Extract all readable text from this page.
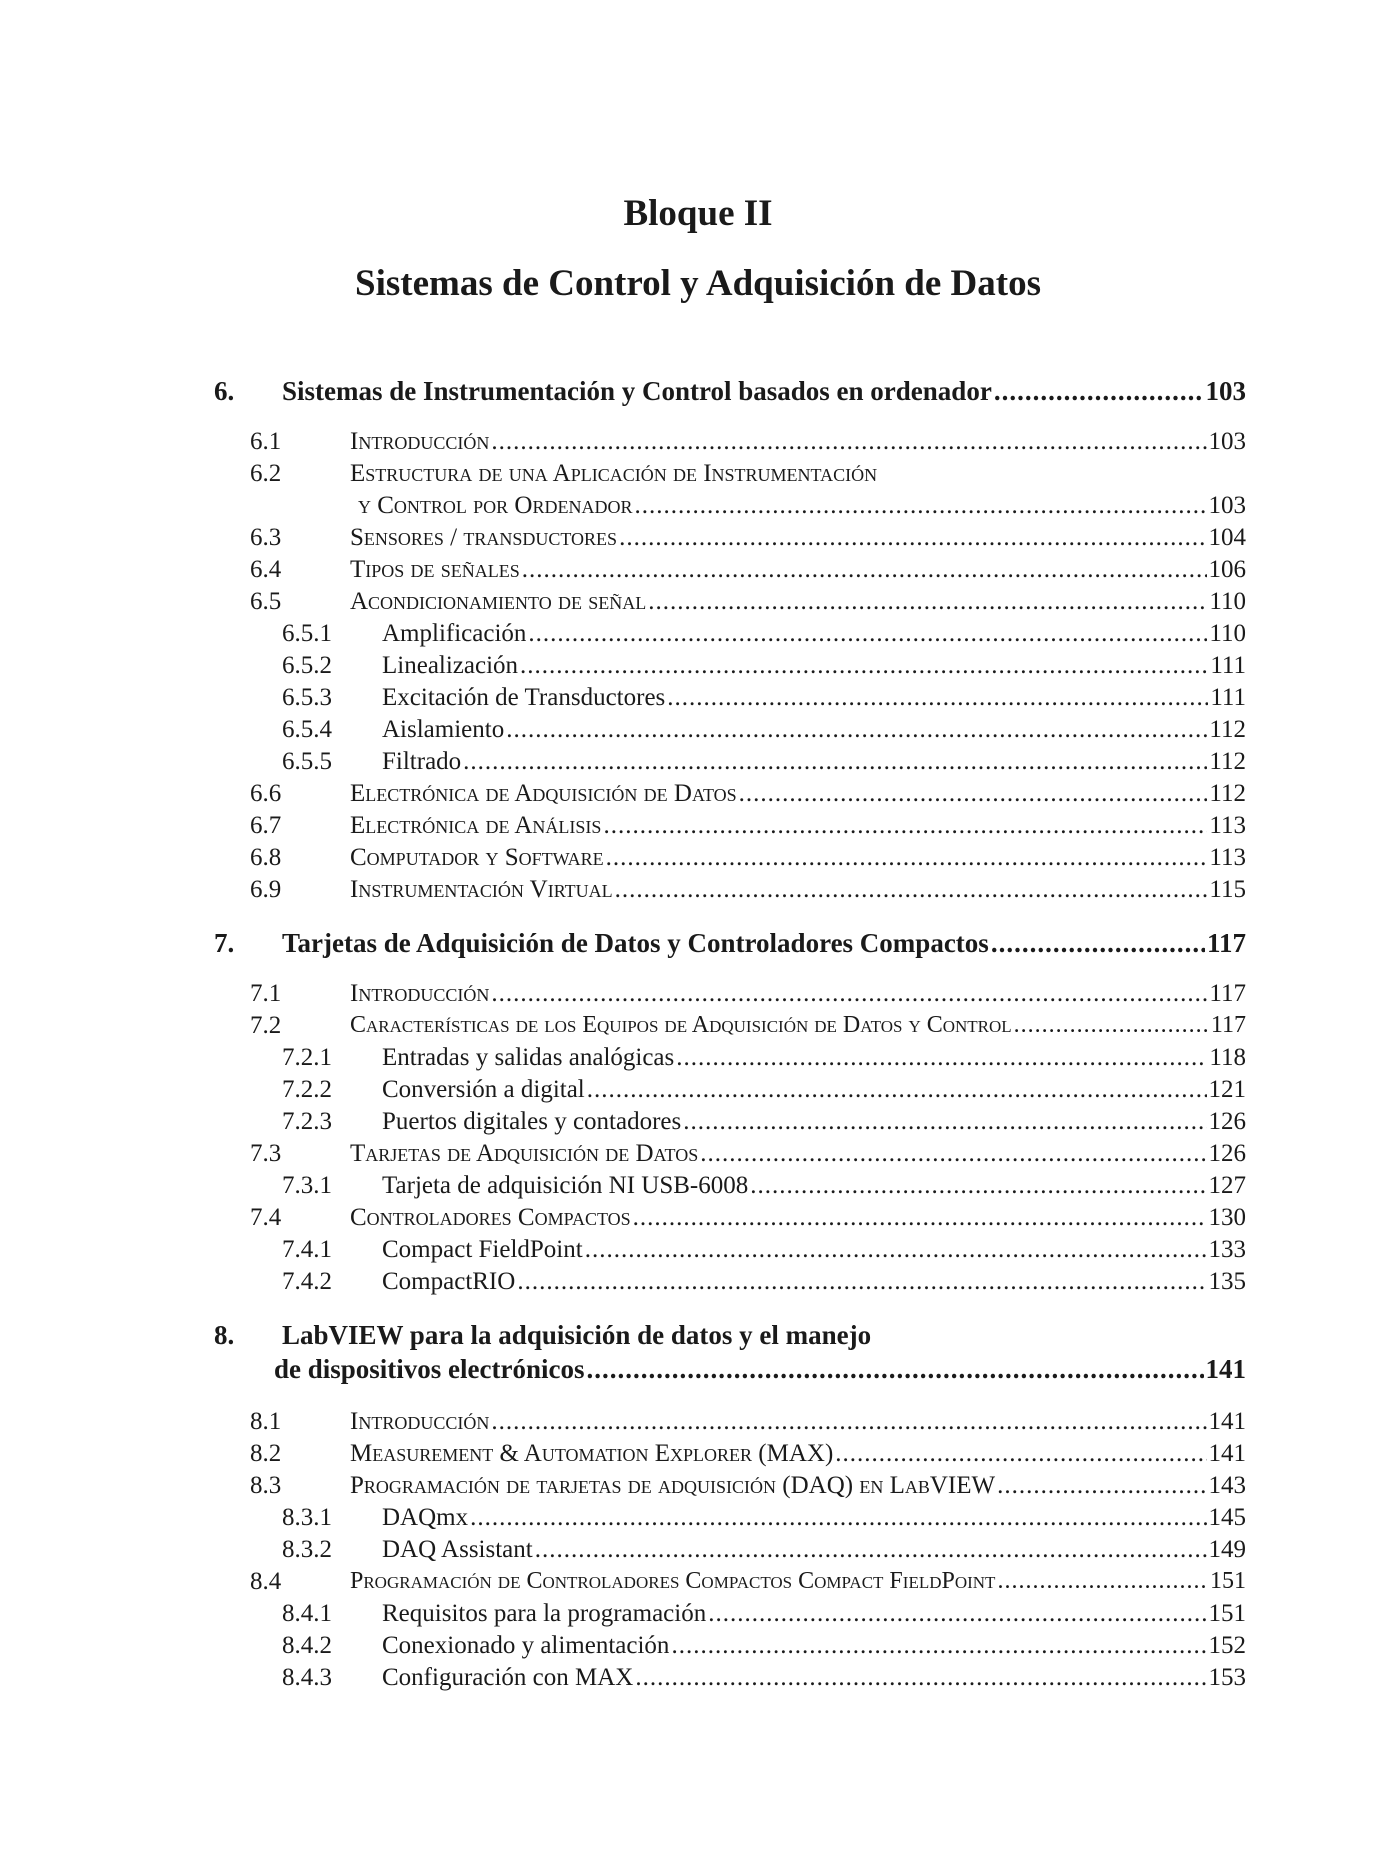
Bloque II
Sistemas de Control y Adquisición de Datos
6. Sistemas de Instrumentación y Control basados en ordenador .....	103
6.1	Introducción .....	103
6.2	Estructura de una Aplicación de Instrumentación
y Control por Ordenador .....	103
6.3	Sensores / transductores .....	104
6.4	Tipos de señales .....	106
6.5	Acondicionamiento de señal .....	110
6.5.1 Amplificación .....	110
6.5.2 Linealización .....	111
6.5.3 Excitación de Transductores .....	111
6.5.4 Aislamiento .....	112
6.5.5 Filtrado .....	112
6.6	Electrónica de Adquisición de Datos .....	112
6.7	Electrónica de Análisis .....	113
6.8	Computador y Software .....	113
6.9	Instrumentación Virtual .....	115
7. Tarjetas de Adquisición de Datos y Controladores Compactos .....	117
7.1	Introducción .....	117
7.2	Características de los Equipos de Adquisición de Datos y Control .....	117
7.2.1 Entradas y salidas analógicas .....	118
7.2.2 Conversión a digital .....	121
7.2.3 Puertos digitales y contadores .....	126
7.3	Tarjetas de Adquisición de Datos .....	126
7.3.1 Tarjeta de adquisición NI USB-6008 .....	127
7.4	Controladores Compactos .....	130
7.4.1 Compact FieldPoint .....	133
7.4.2 CompactRIO .....	135
8. LabVIEW para la adquisición de datos y el manejo
de dispositivos electrónicos .....	141
8.1	Introducción .....	141
8.2	Measurement & Automation Explorer (MAX) .....	141
8.3	Programación de tarjetas de adquisición (DAQ) en LabVIEW .....	143
8.3.1 DAQmx .....	145
8.3.2 DAQ Assistant .....	149
8.4	Programación de Controladores Compactos Compact FieldPoint .....	151
8.4.1 Requisitos para la programación .....	151
8.4.2 Conexionado y alimentación .....	152
8.4.3 Configuración con MAX .....	153
